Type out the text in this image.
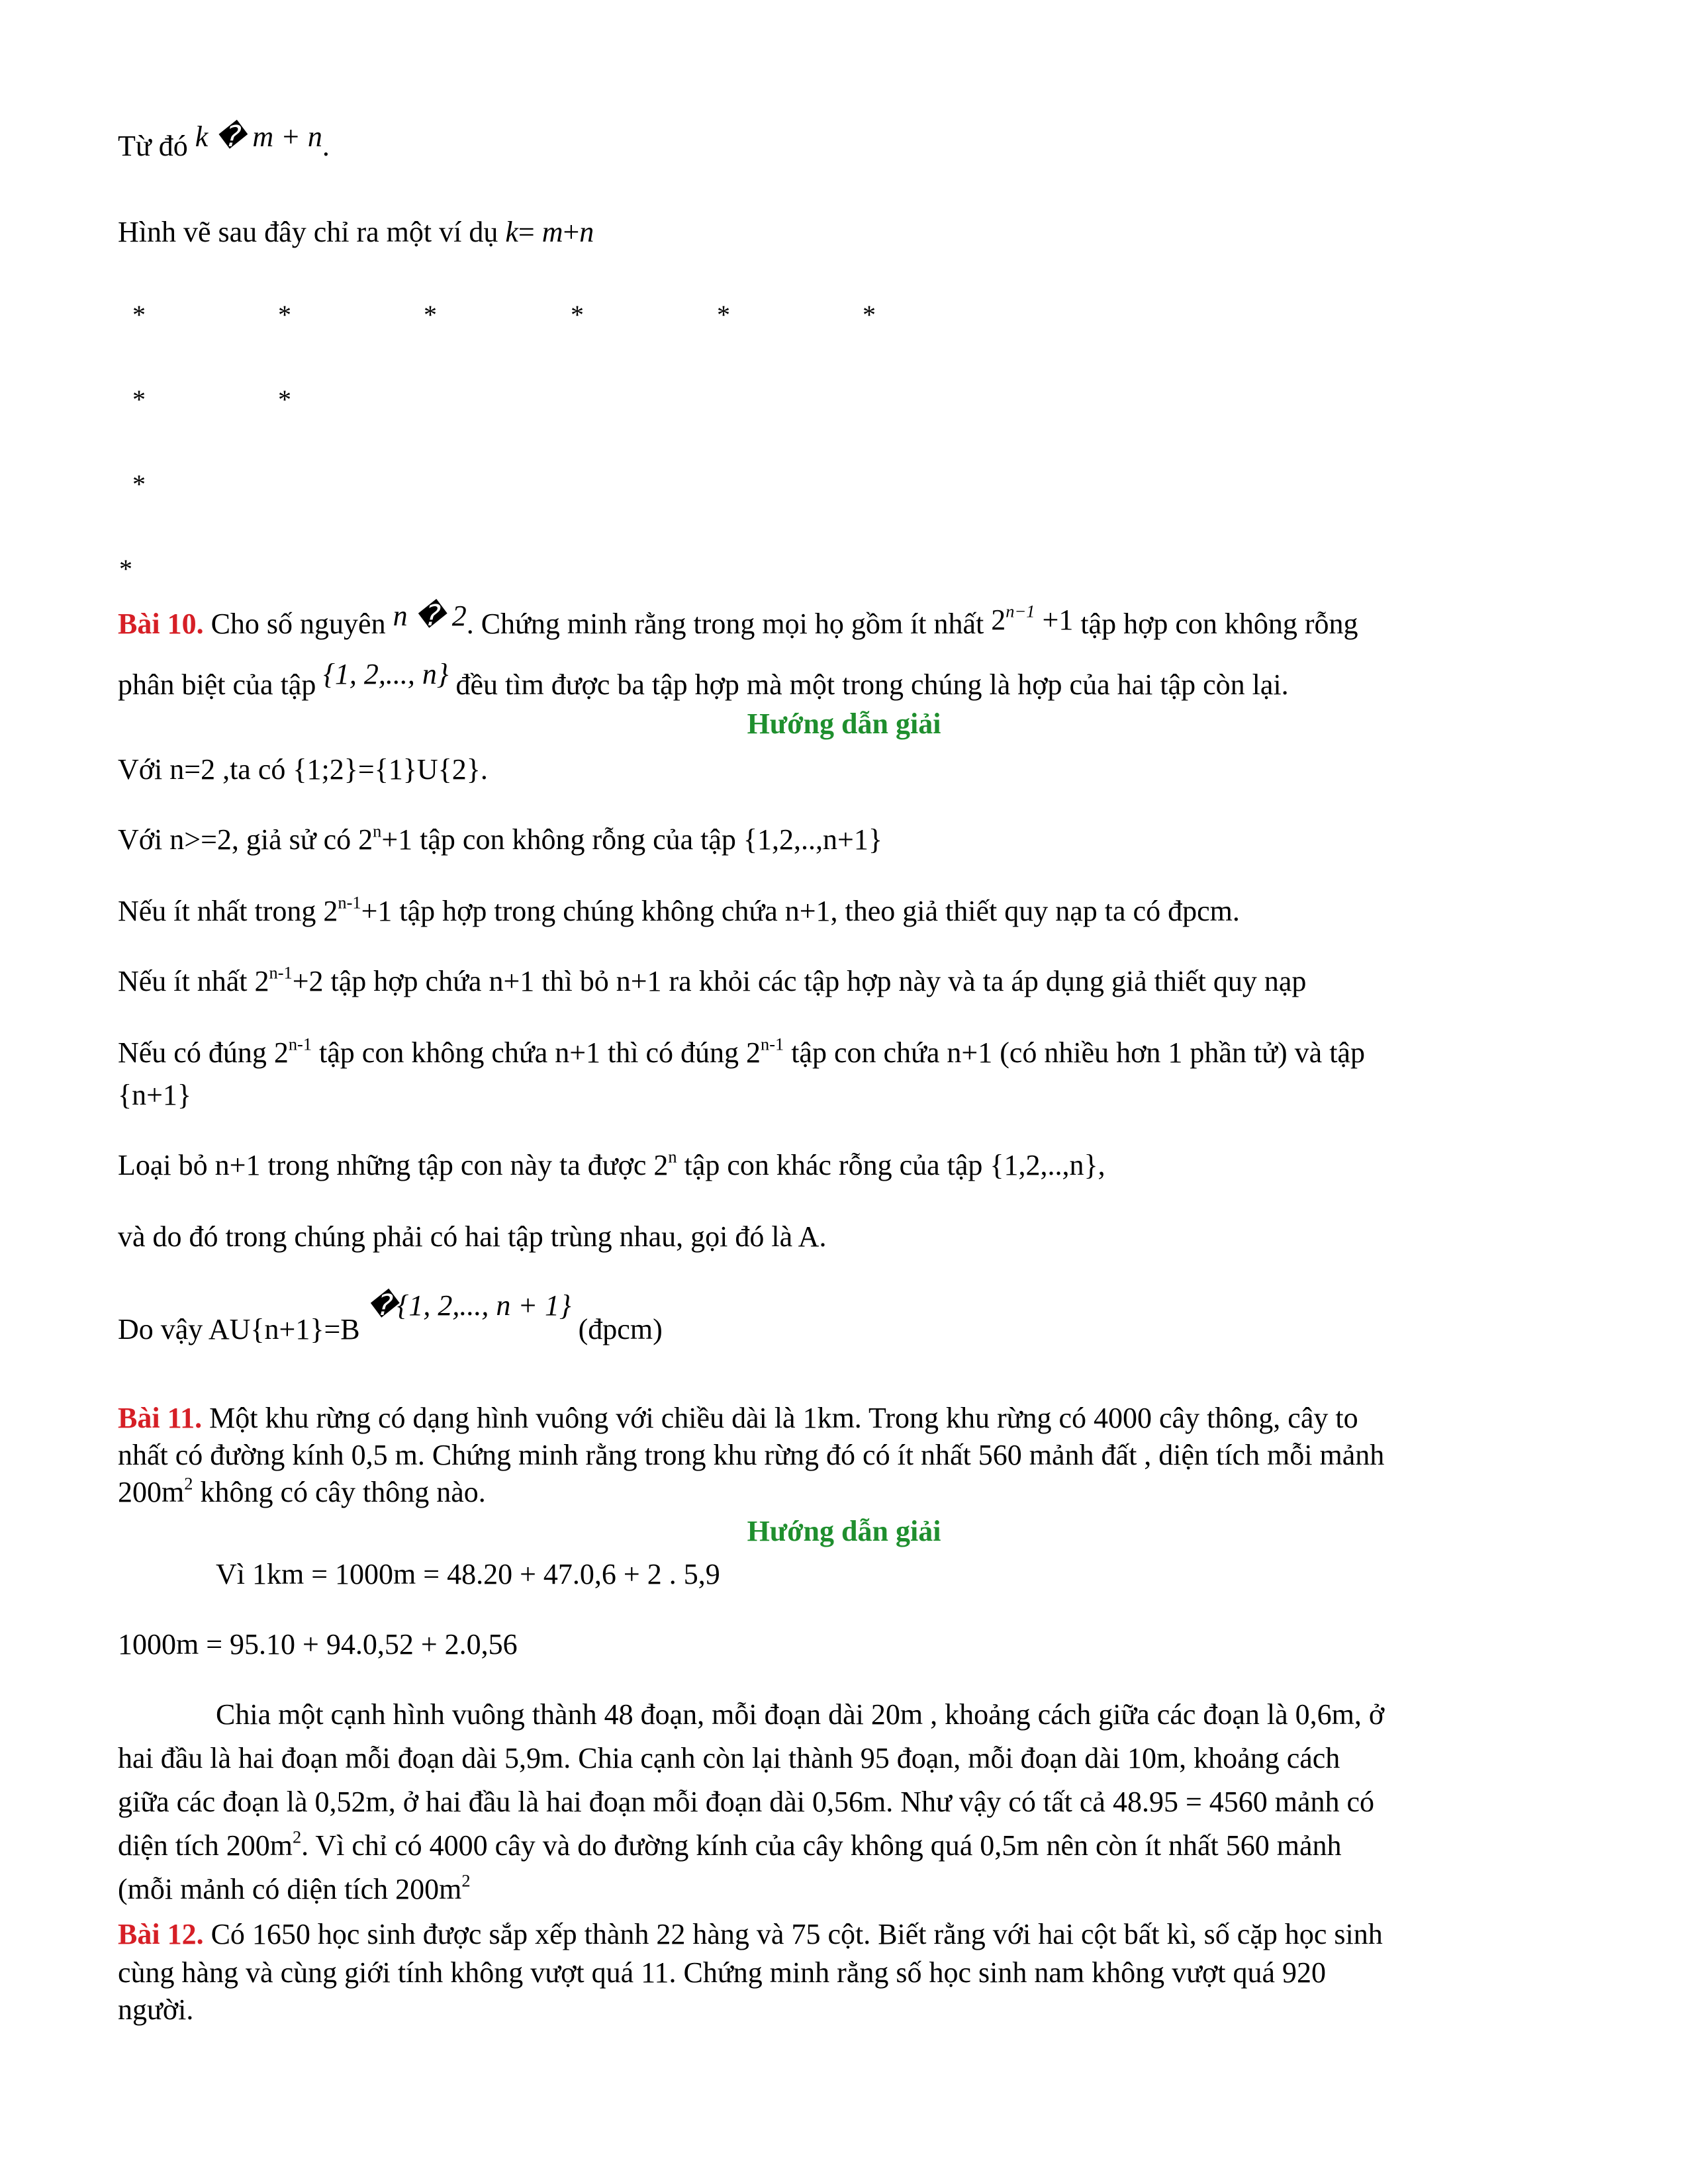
Từ đó k � m + n.
Hình vẽ sau đây chỉ ra một ví dụ k= m+n
*	*	*	*	*	*
*	*
*
*
Bài 10. Cho số nguyên n � 2. Chứng minh rằng trong mọi họ gồm ít nhất $2^{n-1} +1$ tập hợp con không rỗng
phân biệt của tập {1, 2,..., n} đều tìm được ba tập hợp mà một trong chúng là hợp của hai tập còn lại.
Hướng dẫn giải
Với n=2 ,ta có {1;2}={1}U{2}.
Với n>=2, giả sử có $2^n+1$ tập con không rỗng của tập {1,2,..,n+1}
Nếu ít nhất trong $2^{n-1}+1$ tập hợp trong chúng không chứa n+1, theo giả thiết quy nạp ta có đpcm.
Nếu ít nhất $2^{n-1}+2$ tập hợp chứa n+1 thì bỏ n+1 ra khỏi các tập hợp này và ta áp dụng giả thiết quy nạp
Nếu có đúng 2$^{n-1}$ tập con không chứa n+1 thì có đúng 2$^{n-1}$ tập con chứa n+1 (có nhiều hơn 1 phần tử) và tập
{n+1}
Loại bỏ n+1 trong những tập con này ta được 2$^n$ tập con khác rỗng của tập {1,2,..,n},
và do đó trong chúng phải có hai tập trùng nhau, gọi đó là A.
Do vậy AU{n+1}=B �{1, 2,..., n + 1} (đpcm)
Bài 11. Một khu rừng có dạng hình vuông với chiều dài là 1km. Trong khu rừng có 4000 cây thông, cây to
nhất có đường kính 0,5 m. Chứng minh rằng trong khu rừng đó có ít nhất 560 mảnh đất , diện tích mỗi mảnh
$200m^2$ không có cây thông nào.
Hướng dẫn giải
Vì 1km = 1000m = 48.20 + 47.0,6 + 2 . 5,9
1000m = 95.10 + 94.0,52 + 2.0,56
Chia một cạnh hình vuông thành 48 đoạn, mỗi đoạn dài 20m , khoảng cách giữa các đoạn là 0,6m, ở
hai đầu là hai đoạn mỗi đoạn dài 5,9m. Chia cạnh còn lại thành 95 đoạn, mỗi đoạn dài 10m, khoảng cách
giữa các đoạn là 0,52m, ở hai đầu là hai đoạn mỗi đoạn dài 0,56m. Như vậy có tất cả 48.95 = 4560 mảnh có
diện tích $200m^2$. Vì chỉ có 4000 cây và do đường kính của cây không quá 0,5m nên còn ít nhất 560 mảnh
(mỗi mảnh có diện tích $200m^2$
Bài 12. Có 1650 học sinh được sắp xếp thành 22 hàng và 75 cột. Biết rằng với hai cột bất kì, số cặp học sinh
cùng hàng và cùng giới tính không vượt quá 11. Chứng minh rằng số học sinh nam không vượt quá 920
người.
